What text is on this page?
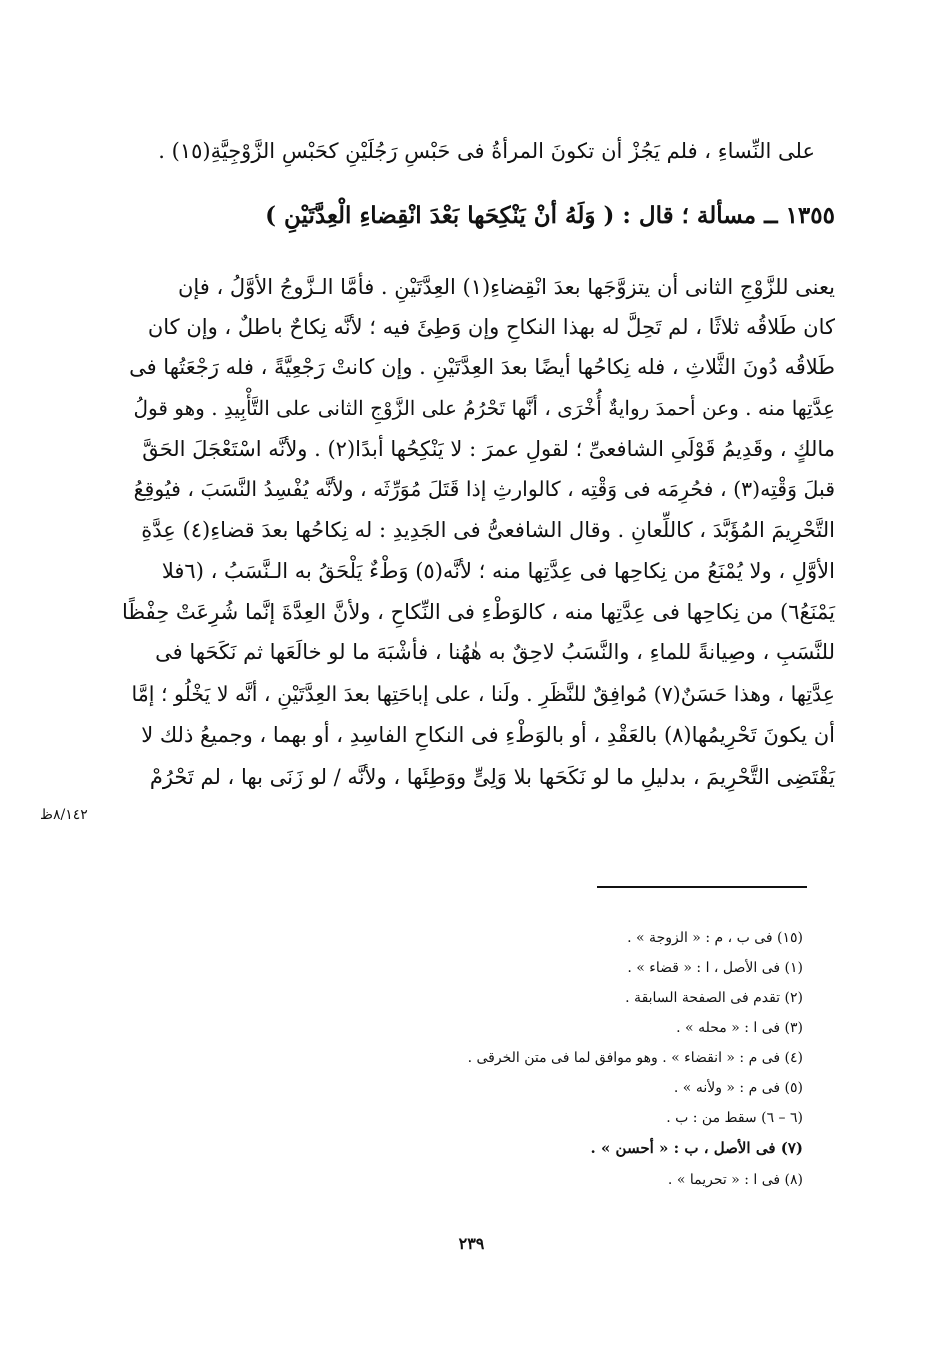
على النِّساءِ ، فلم يَجُزْ أن تكونَ المرأةُ فى حَبْسِ رَجُلَيْنِ كحَبْسِ الزَّوْجِيَّةِ(١٥) .
١٣٥٥ ــ مسألة ؛ قال : ( وَلَهُ أنْ يَنْكِحَها بَعْدَ انْقِضاءِ الْعِدَّتَيْنِ )
يعنى للزَّوْجِ الثانى أن يتزوَّجَها بعدَ انْقِضاءِ(١) العِدَّتَيْنِ . فأمَّا الـزَّوجُ الأوَّلُ ، فإن
كان طَلاقُه ثلاثًا ، لم تَحِلَّ له بهذا النكاحِ وإن وَطِئَ فيه ؛ لأنَّه نِكاحٌ باطلٌ ، وإن كان
طَلاقُه دُونَ الثَّلاثِ ، فله نِكاحُها أيضًا بعدَ العِدَّتَيْنِ . وإن كانتْ رَجْعِيَّةً ، فله رَجْعَتُها فى
عِدَّتِها منه . وعن أحمدَ روايةٌ أُخْرَى ، أنَّها تَحْرُمُ على الزَّوْجِ الثانى على التَّأْبِيدِ . وهو قولُ
مالكٍ ، وقَدِيمُ قَوْلَىِ الشافعىِّ ؛ لقولِ عمرَ : لا يَنْكِحُها أبدًا(٢) . ولأنَّه اسْتَعْجَلَ الحَقَّ
قبلَ وَقْتِه(٣) ، فحُرِمَه فى وَقْتِه ، كالوارثِ إذا قَتَلَ مُوَرِّثَه ، ولأنَّه يُفْسِدُ النَّسَبَ ، فيُوقِعُ
التَّحْرِيمَ المُؤَبَّدَ ، كاللِّعانِ . وقال الشافعىُّ فى الجَدِيدِ : له نِكاحُها بعدَ قضاءِ(٤) عِدَّةِ
الأوَّلِ ، ولا يُمْنَعُ من نِكاحِها فى عِدَّتِها منه ؛ لأنَّه(٥) وَطْءٌ يَلْحَقُ به الـنَّسَبُ ، (٦فلا
يَمْنَعُ٦) من نِكاحِها فى عِدَّتِها منه ، كالوَطْءِ فى النِّكاحِ ، ولأنَّ العِدَّةَ إنَّما شُرِعَتْ حِفْظًا
للنَّسَبِ ، وصِيانةً للماءِ ، والنَّسَبُ لاحِقٌ به هٰهُنا ، فأشْبَهَ ما لو خالَعَها ثم نَكَحَها فى
عِدَّتِها ، وهذا حَسَنٌ(٧) مُوافِقٌ للنَّظَرِ . ولَنا ، على إباحَتِها بعدَ العِدَّتَيْنِ ، أنَّه لا يَخْلُو ؛ إمَّا
أن يكونَ تَحْرِيمُها(٨) بالعَقْدِ ، أو بالوَطْءِ فى النكاحِ الفاسِدِ ، أو بهما ، وجميعُ ذلك لا
يَقْتَضِى التَّحْرِيمَ ، بدليلِ ما لو نَكَحَها بلا وَلِىٍّ ووَطِئَها ، ولأنَّه / لو زَنَى بها ، لم تَحْرُمْ
٨/١٤٢ظ
(١٥) فى ب ، م : « الزوجة » .
(١) فى الأصل ، ا : « قضاء » .
(٢) تقدم فى الصفحة السابقة .
(٣) فى ا : « محله » .
(٤) فى م : « انقضاء » . وهو موافق لما فى متن الخرقى .
(٥) فى م : « ولأنه » .
(٦ – ٦) سقط من : ب .
(٧) فى الأصل ، ب : « أحسن » .
(٨) فى ا : « تحريما » .
٢٣٩
